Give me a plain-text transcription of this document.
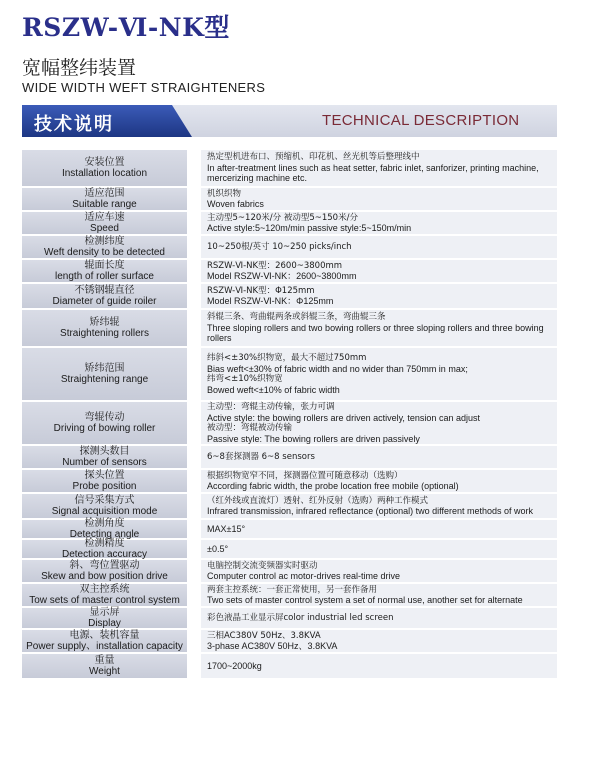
RSZW-Ⅵ-NK型
宽幅整纬装置
WIDE WIDTH WEFT STRAIGHTENERS
技术说明	TECHNICAL DESCRIPTION
安装位置
Installation location
热定型机进布口、预缩机、印花机、丝光机等后整理线中
In after-treatment lines such as heat setter, fabric inlet, sanforizer, printing machine,
mercerizing machine etc.
适应范围
Suitable range
机织织物
Woven fabrics
适应车速
Speed
主动型5~120米/分 被动型5~150米/分
Active style:5~120m/min passive style:5~150m/min
检测纬度
Weft density to be detected
10~250根/英寸 10~250 picks/inch
辊面长度
length of roller surface
RSZW-Ⅵ-NK型：2600~3800mm
Model RSZW-Ⅵ-NK：2600~3800mm
不锈钢辊直径
Diameter of guide roiler
RSZW-Ⅵ-NK型：Φ125mm
Model RSZW-Ⅵ-NK：Φ125mm
矫纬辊
Straightening rollers
斜辊三条、弯曲辊两条或斜辊三条，弯曲辊三条
Three sloping rollers and two bowing rollers or three sloping rollers and three bowing
rollers
矫纬范围
Straightening range
纬斜<±30%织物宽，最大不超过750mm
Bias weft<±30% of fabric width and no wider than 750mm in max;
纬弯<±10%织物宽
Bowed weft<±10% of fabric width
弯辊传动
Driving of bowing roller
主动型：弯辊主动传输，张力可调
Active style: the bowing rollers are driven actively, tension can adjust
被动型：弯辊被动传输
Passive style: The bowing rollers are driven passively
探测头数目
Number of sensors
6~8套探测器 6~8 sensors
探头位置
Probe position
根据织物宽窄不同，探测器位置可随意移动（选购）
According fabric width, the probe location free mobile (optional)
信号采集方式
Signal acquisition mode
（红外线或直流灯）透射、红外反射（选购）两种工作模式
Infrared transmission, infrared reflectance (optional) two different methods of work
检测角度
Detecting angle
MAX±15°
检测精度
Detection accuracy
±0.5°
斜、弯位置驱动
Skew and bow position drive
电脑控制交流变频器实时驱动
Computer control ac motor-drives real-time drive
双主控系统
Tow sets of master control system
两套主控系统：一套正常使用，另一套作备用
Two sets of master control system a set of normal use, another set for alternate
显示屏
Display
彩色液晶工业显示屏color industrial led screen
电源、装机容量
Power supply、installation capacity
三相AC380V 50Hz、3.8KVA
3-phase AC380V 50Hz、3.8KVA
重量
Weight
1700~2000kg
